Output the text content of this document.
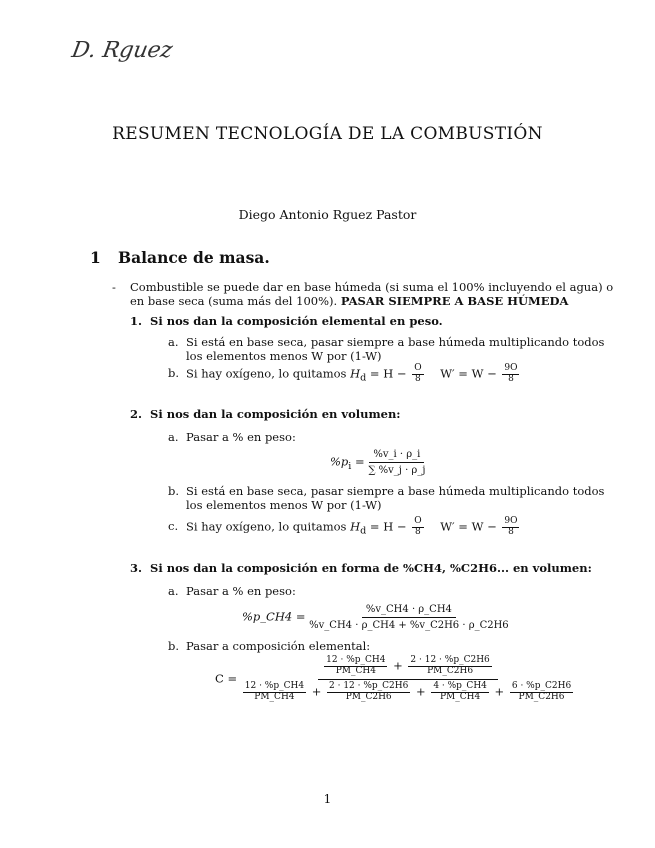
D. Rguez
RESUMEN TECNOLOGÍA DE LA COMBUSTIÓN
Diego Antonio Rguez Pastor
1 Balance de masa.
- Combustible se puede dar en base húmeda (si suma el 100% incluyendo el agua) o
en base seca (suma más del 100%). PASAR SIEMPRE A BASE HÚMEDA
1. Si nos dan la composición elemental en peso.
a. Si está en base seca, pasar siempre a base húmeda multiplicando todos
los elementos menos W por (1-W)
b. Si hay oxígeno, lo quitamos $H_d = H - \frac{O}{8} W' = W - \frac{9O}{8}$
2. Si nos dan la composición en volumen:
a. Pasar a % en peso:
$\%p_i = \frac{\%v\_i \cdot \rho\_i}{\sum \%v\_j \cdot \rho\_j}$
b. Si está en base seca, pasar siempre a base húmeda multiplicando todos
los elementos menos W por (1-W)
c. Si hay oxígeno, lo quitamos $H_d = H - \frac{O}{8} W' = W - \frac{9O}{8}$
3. Si nos dan la composición en forma de %CH4, %C2H6... en volumen:
a. Pasar a % en peso:
%p_CH4 = $\frac{\%v\_CH4 \cdot \rho\_CH4}{\%v\_CH4 \cdot \rho\_CH4 + \%v\_C2H6 \cdot \rho\_C2H6}$
b. Pasar a composición elemental:
C =
$\frac{12 \cdot \%p\_CH4}{PM\_CH4} + \frac{2 \cdot 12 \cdot \%p\_C2H6}{PM\_C2H6}$
$\frac{12 \cdot \%p\_CH4}{PM\_CH4} + \frac{2 \cdot 12 \cdot \%p\_C2H6}{PM\_C2H6} + \frac{4 \cdot \%p\_CH4}{PM\_CH4} + \frac{6 \cdot \%p\_C2H6}{PM\_C2H6}$
1
